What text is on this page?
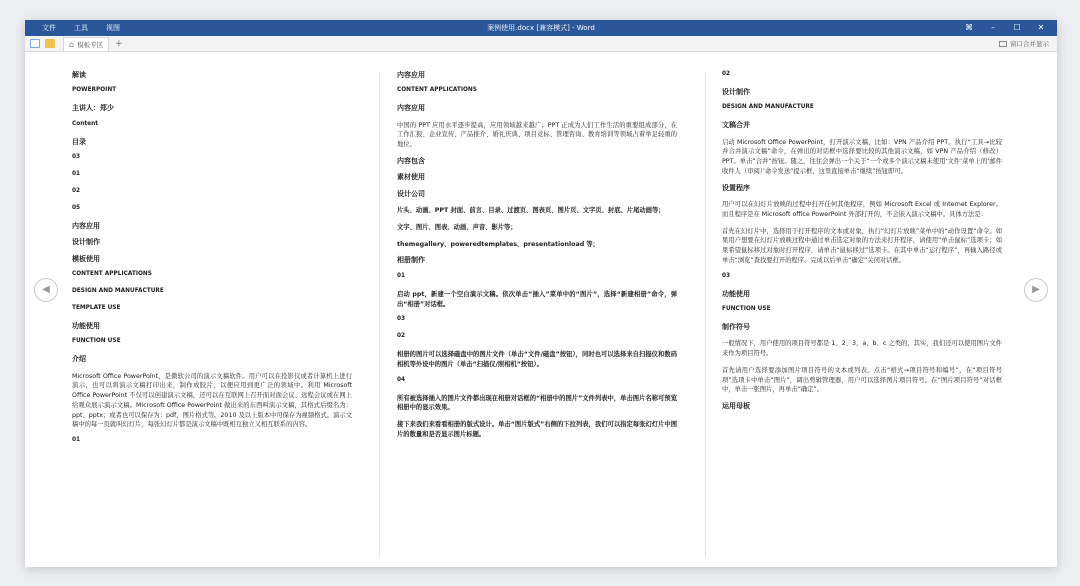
文件	工具	视图	案例使用.docx [兼容模式] - Word	⌘	–	☐	✕
⌂ 模板专区 +	窗口合并显示
解读
POWERPOINT
主讲人：郑少
Content
目录
03
01
02
05
内容应用
设计制作
模板使用
CONTENT APPLICATIONS
DESIGN AND MANUFACTURE
TEMPLATE USE
功能使用
FUNCTION USE
介绍
Microsoft Office PowerPoint，是微软公司的演示文稿软件。用户可以在投影仪或者计算机上进行演示，也可以将演示文稿打印出来，制作成胶片，以便应用到更广泛的领域中。利用 Microsoft Office PowerPoint 不仅可以创建演示文稿，还可以在互联网上召开面对面会议、远程会议或在网上给观众展示演示文稿。Microsoft Office PowerPoint 做出来的东西叫演示文稿，其格式后缀名为：ppt、pptx；或者也可以保存为：pdf、图片格式等。2010 及以上版本中可保存为视频格式。演示文稿中的每一页就叫幻灯片，每张幻灯片都是演示文稿中既相互独立又相互联系的内容。
01
内容应用
CONTENT APPLICATIONS
内容应用
中国的 PPT 应用水平逐步提高，应用领域越来越广；PPT 正成为人们工作生活的重要组成部分，在工作汇报、企业宣传、产品推介、婚礼庆典、项目竞标、管理咨询、教育培训等领域占着举足轻重的地位。
内容包含
素材使用
设计公司
片头、动画、PPT 封面、前言、目录、过渡页、图表页、图片页、文字页、封底、片尾动画等；
文字、图片、图表、动画、声音、影片等；
themegallery、poweredtemplates、presentationload 等；
相册制作
01
启动 ppt，新建一个空白演示文稿。依次单击“插入”菜单中的“图片”，选择“新建相册”命令，弹出“相册”对话框。
03
02
相册的图片可以选择磁盘中的图片文件（单击“文件/磁盘”按钮），同时也可以选择来自扫描仪和数码相机等外设中的图片（单击“扫描仪/照相机”按钮）。
04
所有被选择插入的图片文件都出现在相册对话框的“相册中的图片”文件列表中，单击图片名称可预览相册中的显示效果。
接下来我们来看看相册的版式设计。单击“图片版式”右侧的下拉列表，我们可以指定每张幻灯片中图片的数量和是否显示图片标题。
02
设计制作
DESIGN AND MANUFACTURE
文稿合并
启动 Microsoft Office PowerPoint，打开演示文稿，比如：VPN 产品介绍 PPT。执行“工具→比较并合并演示文稿”命令，在弹出的对话框中选择要比较的其他演示文稿，如 VPN 产品介绍（修改）PPT。单击“合并”按钮。随之，往往会弹出一个关于“一个或多个演示文稿未使用‘文件’菜单上的‘邮件收件人（审阅）’命令发送”提示框，这里直接单击“继续”按钮即可。
设置程序
用户可以在幻灯片放映的过程中打开任何其他程序，例如 Microsoft Excel 或 Internet Explorer。而且程序是在 Microsoft office PowerPoint 外部打开的，不会嵌入演示文稿中。具体方法是：
首先在幻灯片中，选择用于打开程序的文本或对象，执行“幻灯片放映”菜单中的“动作设置”命令。如果用户想要在幻灯片放映过程中通过单击选定对象的方法来打开程序，请使用“单击鼠标”选项卡；如果希望鼠标移过对象时打开程序，请单击“鼠标移过”选项卡。在其中单击“运行程序”，再输入路径或单击“浏览”查找要打开的程序。完成以后单击“确定”关闭对话框。
03
功能使用
FUNCTION USE
制作符号
一般情况下，用户使用的项目符号都是 1、2、3，a、b、c 之类的，其实，我们还可以使用图片文件来作为项目符号。
首先请用户选择要添加图片项目符号的文本或列表。点击“格式→项目符号和编号”，在“项目符号项”选项卡中单击“图片”，调出剪辑管理器，用户可以选择图片项目符号。在“图片项目符号”对话框中，单击一张图片，再单击“确定”。
运用母板
◀	▶
